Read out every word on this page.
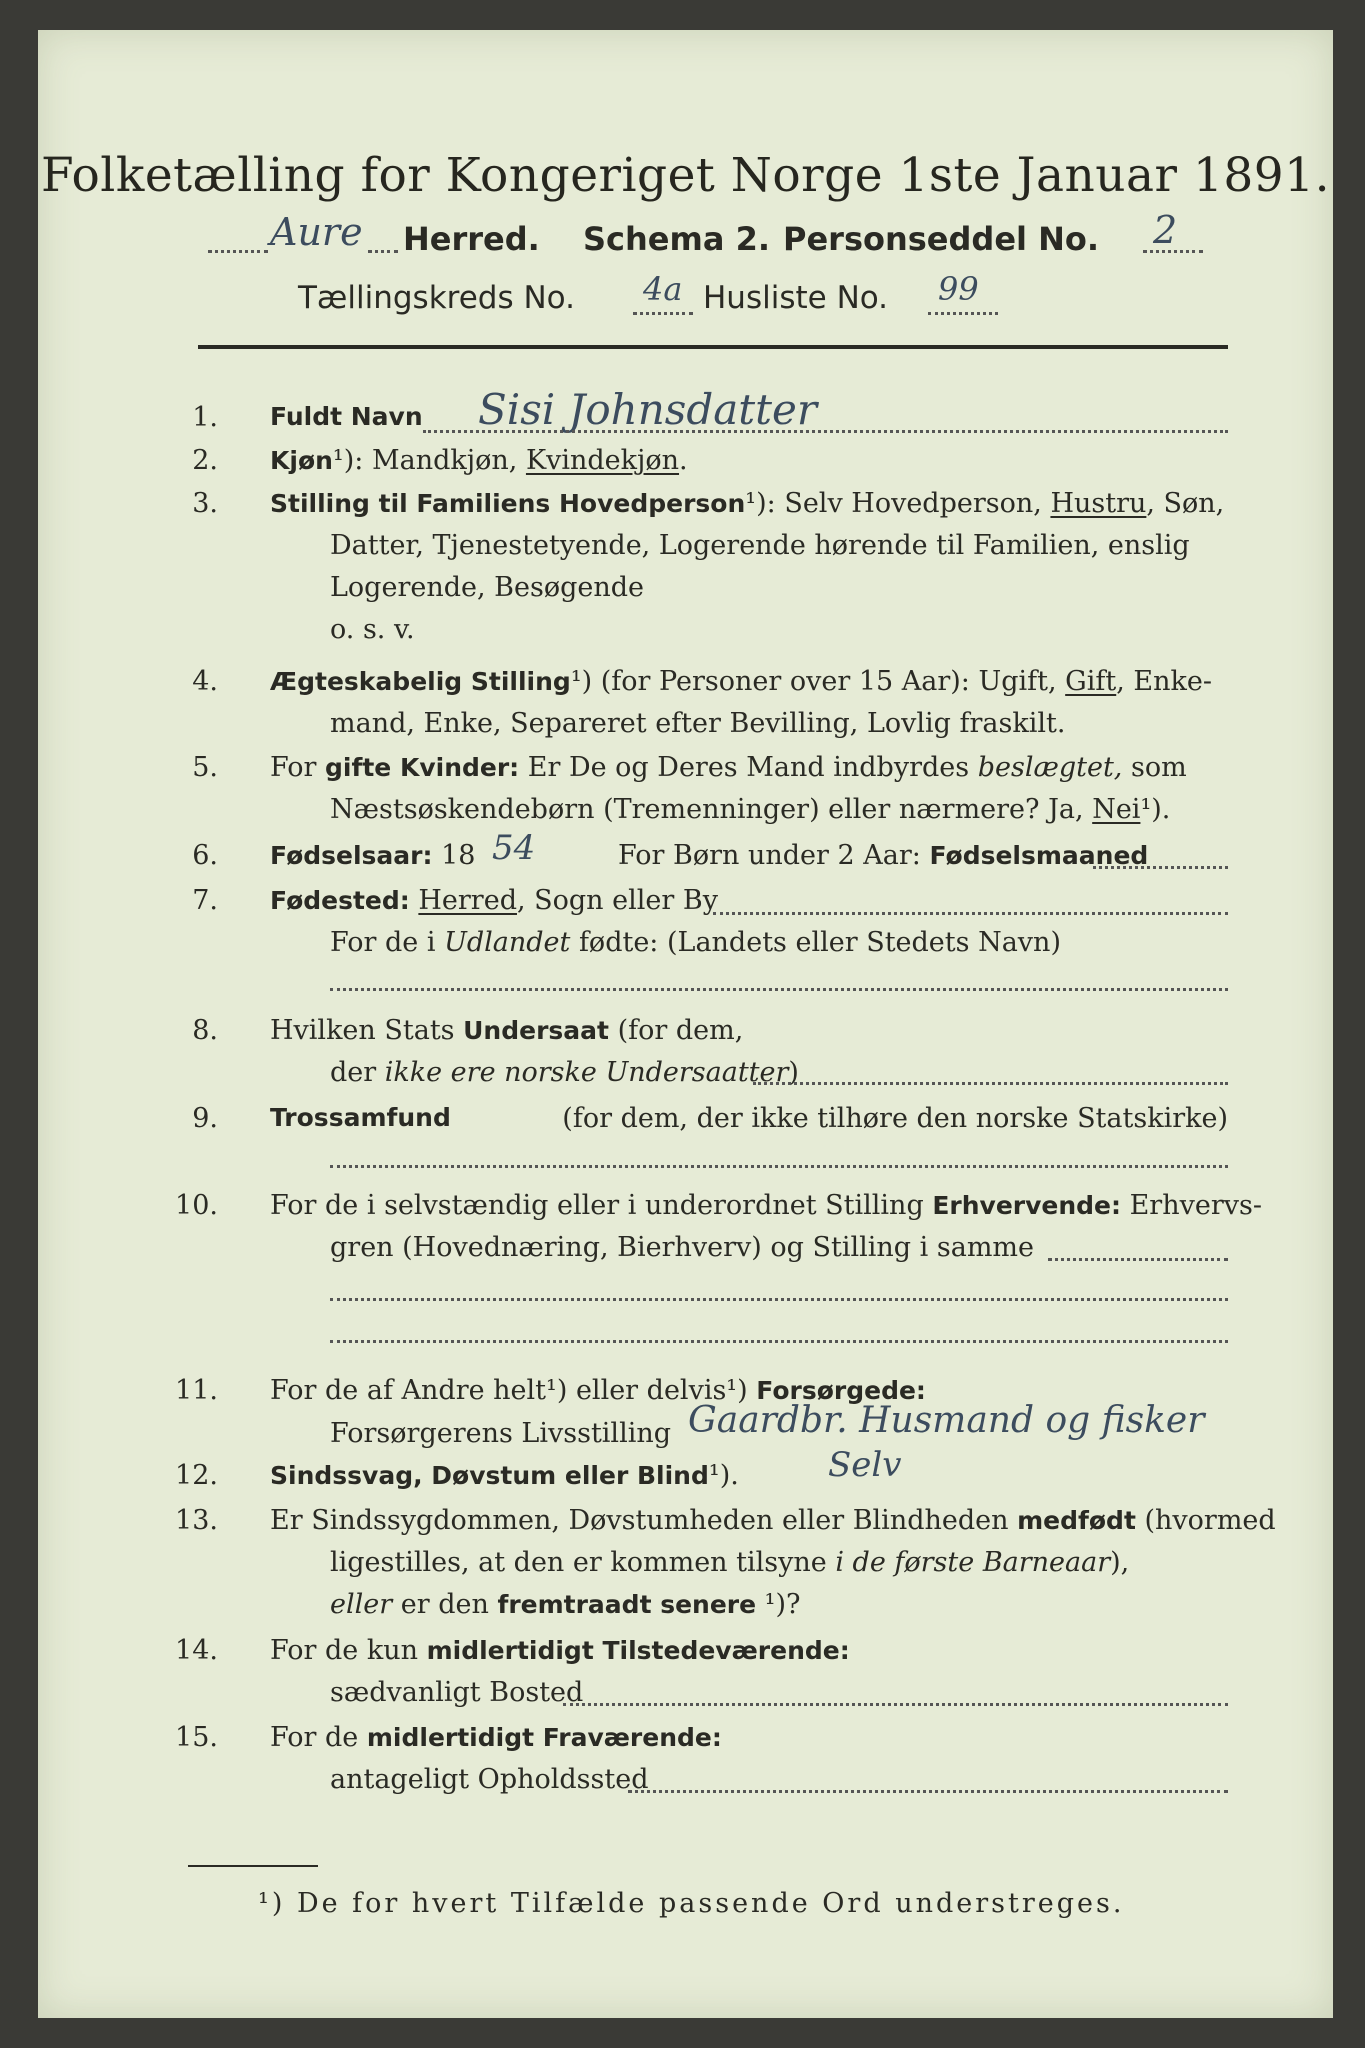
Folketælling for Kongeriget Norge 1ste Januar 1891.
Aure Herred. Schema 2. Personseddel No. 2
Tællingskreds No. 4a Husliste No. 99
1. Fuldt Navn Sisi Johnsdatter
2. Kjøn¹): Mandkjøn, Kvindekjøn.
3. Stilling til Familiens Hovedperson¹): Selv Hovedperson, Hustru, Søn,
Datter, Tjenestetyende, Logerende hørende til Familien, enslig
Logerende, Besøgende
o. s. v.
4. Ægteskabelig Stilling¹) (for Personer over 15 Aar): Ugift, Gift, Enke-
mand, Enke, Separeret efter Bevilling, Lovlig fraskilt.
5. For gifte Kvinder: Er De og Deres Mand indbyrdes beslægtet, som
Næstsøskendebørn (Tremenninger) eller nærmere? Ja, Nei¹).
6. Fødselsaar: 18 54	For Børn under 2 Aar: Fødselsmaaned
7. Fødested: Herred, Sogn eller By
For de i Udlandet fødte: (Landets eller Stedets Navn)
8. Hvilken Stats Undersaat (for dem,
der ikke ere norske Undersaatter)
9. Trossamfund	(for dem, der ikke tilhøre den norske Statskirke)
10. For de i selvstændig eller i underordnet Stilling Erhvervende: Erhvervs-
gren (Hovednæring, Bierhverv) og Stilling i samme
11. For de af Andre helt¹) eller delvis¹) Forsørgede:
Forsørgerens Livsstilling Gaardbr. Husmand og fisker
12. Sindssvag, Døvstum eller Blind¹).	Selv
13. Er Sindssygdommen, Døvstumheden eller Blindheden medfødt (hvormed
ligestilles, at den er kommen tilsyne i de første Barneaar),
eller er den fremtraadt senere ¹)?
14. For de kun midlertidigt Tilstedeværende:
sædvanligt Bosted
15. For de midlertidigt Fraværende:
antageligt Opholdssted
¹) De for hvert Tilfælde passende Ord understreges.
